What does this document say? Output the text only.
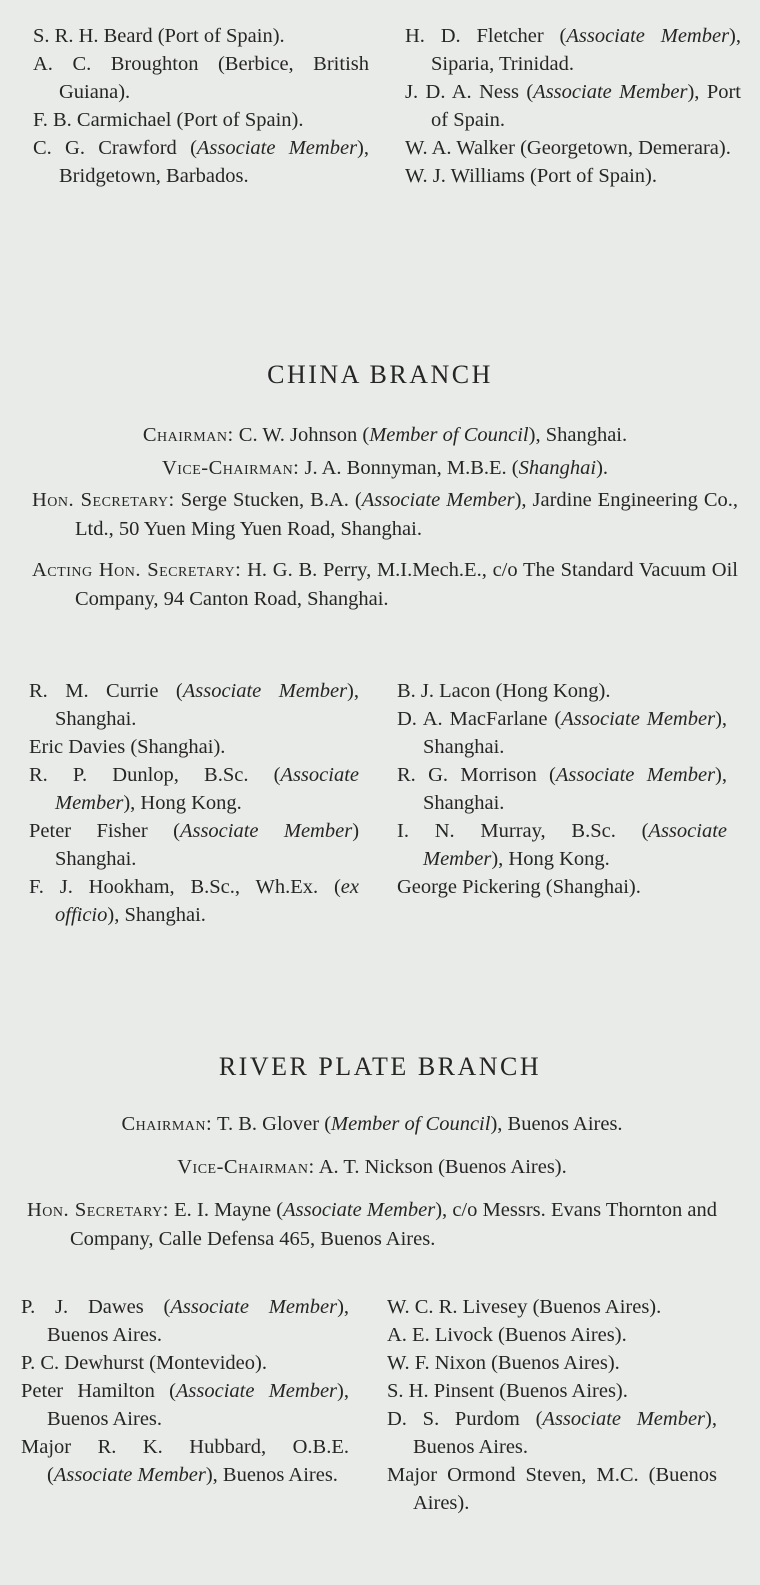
S. R. H. Beard (Port of Spain).

A. C. Broughton (Berbice, British Guiana).

F. B. Carmichael (Port of Spain).

C. G. Crawford (Associate Member), Bridgetown, Barbados.

H. D. Fletcher (Associate Member), Siparia, Trinidad.

J. D. A. Ness (Associate Member), Port of Spain.

W. A. Walker (Georgetown, Demerara).

W. J. Williams (Port of Spain).

CHINA BRANCH

Chairman: C. W. Johnson (Member of Council), Shanghai.

Vice-Chairman: J. A. Bonnyman, M.B.E. (Shanghai).

Hon. Secretary: Serge Stucken, B.A. (Associate Member), Jardine Engineering Co., Ltd., 50 Yuen Ming Yuen Road, Shanghai.

Acting Hon. Secretary: H. G. B. Perry, M.I.Mech.E., c/o The Standard Vacuum Oil Company, 94 Canton Road, Shanghai.

R. M. Currie (Associate Member), Shanghai.

Eric Davies (Shanghai).

R. P. Dunlop, B.Sc. (Associate Member), Hong Kong.

Peter Fisher (Associate Member) Shanghai.

F. J. Hookham, B.Sc., Wh.Ex. (ex officio), Shanghai.

B. J. Lacon (Hong Kong).

D. A. MacFarlane (Associate Member), Shanghai.

R. G. Morrison (Associate Member), Shanghai.

I. N. Murray, B.Sc. (Associate Member), Hong Kong.

George Pickering (Shanghai).

RIVER PLATE BRANCH

Chairman: T. B. Glover (Member of Council), Buenos Aires.

Vice-Chairman: A. T. Nickson (Buenos Aires).

Hon. Secretary: E. I. Mayne (Associate Member), c/o Messrs. Evans Thornton and Company, Calle Defensa 465, Buenos Aires.

P. J. Dawes (Associate Member), Buenos Aires.

P. C. Dewhurst (Montevideo).

Peter Hamilton (Associate Member), Buenos Aires.

Major R. K. Hubbard, O.B.E. (Associate Member), Buenos Aires.

W. C. R. Livesey (Buenos Aires).

A. E. Livock (Buenos Aires).

W. F. Nixon (Buenos Aires).

S. H. Pinsent (Buenos Aires).

D. S. Purdom (Associate Member), Buenos Aires.

Major Ormond Steven, M.C. (Buenos Aires).
